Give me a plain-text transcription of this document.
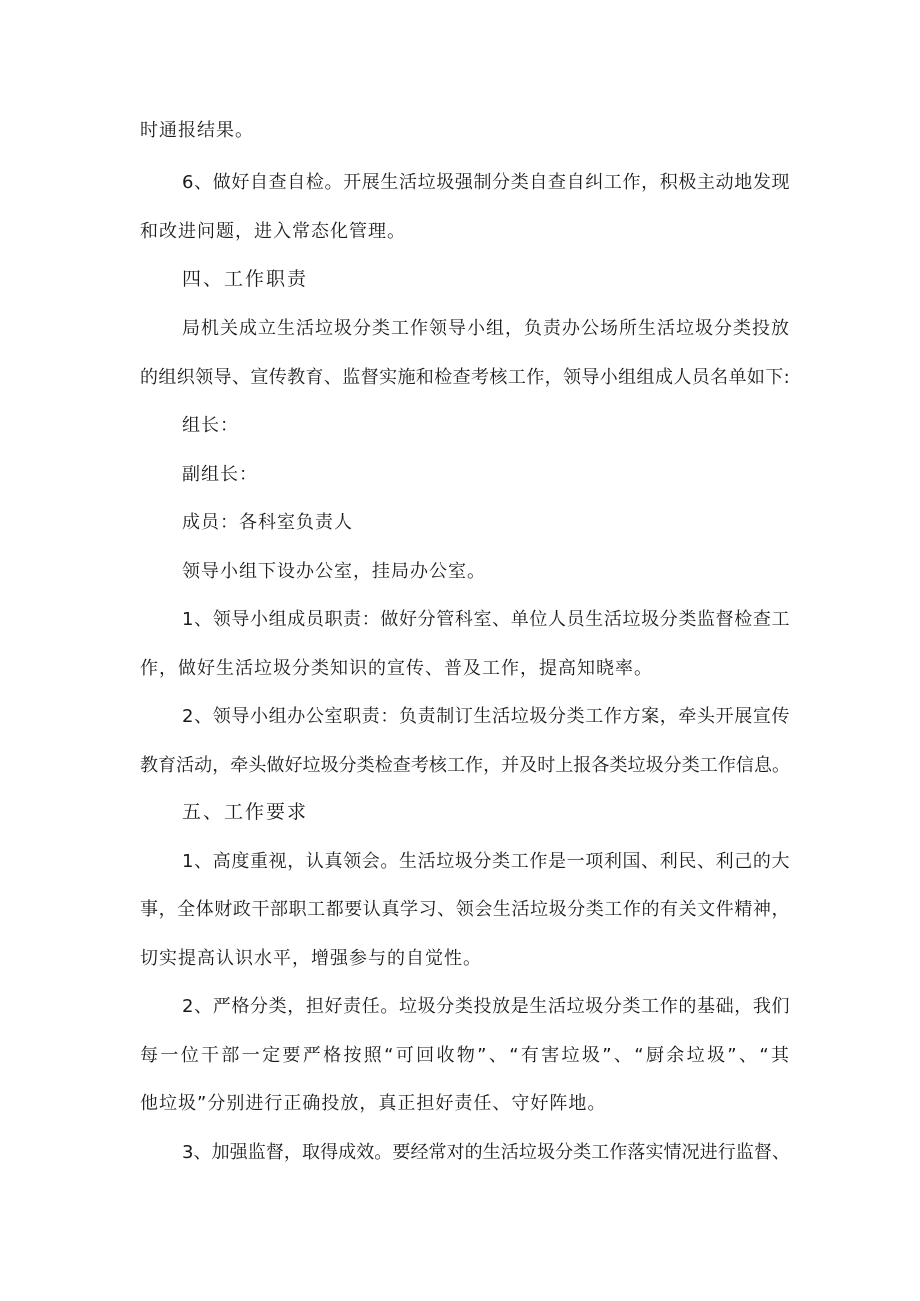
时通报结果。
6、做好自查自检。开展生活垃圾强制分类自查自纠工作，积极主动地发现
和改进问题，进入常态化管理。
四、工作职责
局机关成立生活垃圾分类工作领导小组，负责办公场所生活垃圾分类投放
的组织领导、宣传教育、监督实施和检查考核工作，领导小组组成人员名单如下:
组长：
副组长：
成员：各科室负责人
领导小组下设办公室，挂局办公室。
1、领导小组成员职责：做好分管科室、单位人员生活垃圾分类监督检查工
作，做好生活垃圾分类知识的宣传、普及工作，提高知晓率。
2、领导小组办公室职责：负责制订生活垃圾分类工作方案，牵头开展宣传
教育活动，牵头做好垃圾分类检查考核工作，并及时上报各类垃圾分类工作信息。
五、工作要求
1、高度重视，认真领会。生活垃圾分类工作是一项利国、利民、利己的大
事，全体财政干部职工都要认真学习、领会生活垃圾分类工作的有关文件精神，
切实提高认识水平，增强参与的自觉性。
2、严格分类，担好责任。垃圾分类投放是生活垃圾分类工作的基础，我们
每一位干部一定要严格按照“可回收物”、“有害垃圾”、“厨余垃圾”、“其
他垃圾”分别进行正确投放，真正担好责任、守好阵地。
3、加强监督，取得成效。要经常对的生活垃圾分类工作落实情况进行监督、
